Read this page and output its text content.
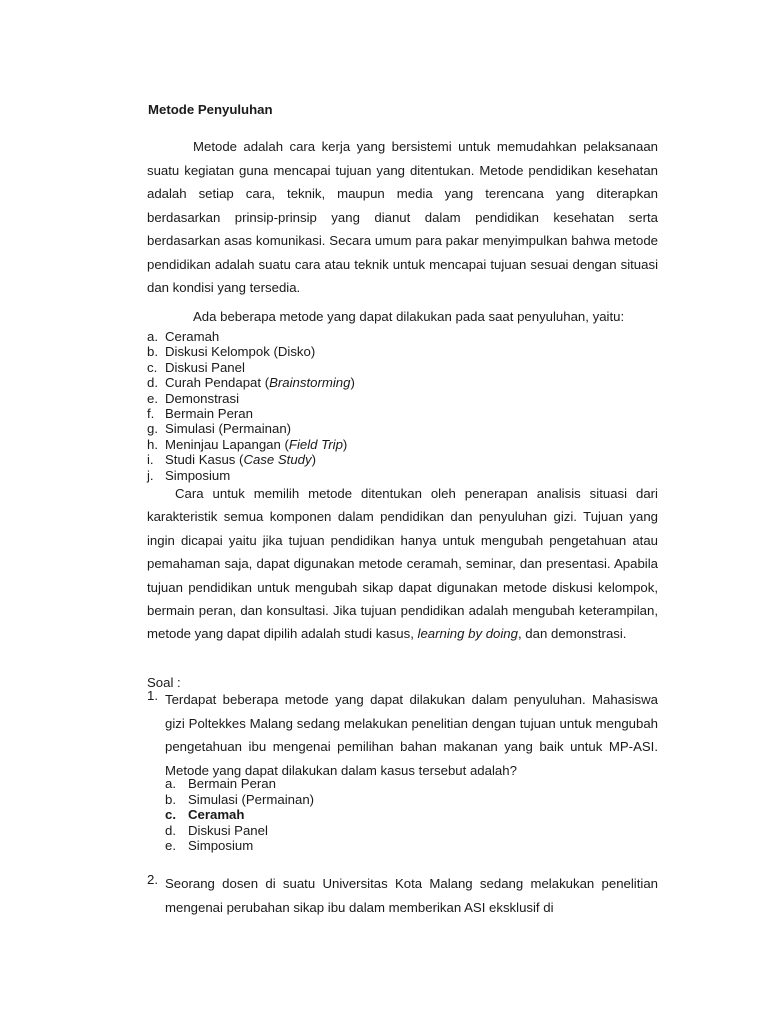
Metode Penyuluhan

Metode adalah cara kerja yang bersistemi untuk memudahkan pelaksanaan suatu kegiatan guna mencapai tujuan yang ditentukan. Metode pendidikan kesehatan adalah setiap cara, teknik, maupun media yang terencana yang diterapkan berdasarkan prinsip-prinsip yang dianut dalam pendidikan kesehatan serta berdasarkan asas komunikasi. Secara umum para pakar menyimpulkan bahwa metode pendidikan adalah suatu cara atau teknik untuk mencapai tujuan sesuai dengan situasi dan kondisi yang tersedia.

Ada beberapa metode yang dapat dilakukan pada saat penyuluhan, yaitu:

a. Ceramah
b. Diskusi Kelompok (Disko)
c. Diskusi Panel
d. Curah Pendapat (Brainstorming)
e. Demonstrasi
f. Bermain Peran
g. Simulasi (Permainan)
h. Meninjau Lapangan (Field Trip)
i. Studi Kasus (Case Study)
j. Simposium

Cara untuk memilih metode ditentukan oleh penerapan analisis situasi dari karakteristik semua komponen dalam pendidikan dan penyuluhan gizi. Tujuan yang ingin dicapai yaitu jika tujuan pendidikan hanya untuk mengubah pengetahuan atau pemahaman saja, dapat digunakan metode ceramah, seminar, dan presentasi. Apabila tujuan pendidikan untuk mengubah sikap dapat digunakan metode diskusi kelompok, bermain peran, dan konsultasi. Jika tujuan pendidikan adalah mengubah keterampilan, metode yang dapat dipilih adalah studi kasus, learning by doing, dan demonstrasi.

Soal :

1. Terdapat beberapa metode yang dapat dilakukan dalam penyuluhan. Mahasiswa gizi Poltekkes Malang sedang melakukan penelitian dengan tujuan untuk mengubah pengetahuan ibu mengenai pemilihan bahan makanan yang baik untuk MP-ASI. Metode yang dapat dilakukan dalam kasus tersebut adalah?

a. Bermain Peran
b. Simulasi (Permainan)
c. Ceramah
d. Diskusi Panel
e. Simposium
2. Seorang dosen di suatu Universitas Kota Malang sedang melakukan penelitian mengenai perubahan sikap ibu dalam memberikan ASI eksklusif di
